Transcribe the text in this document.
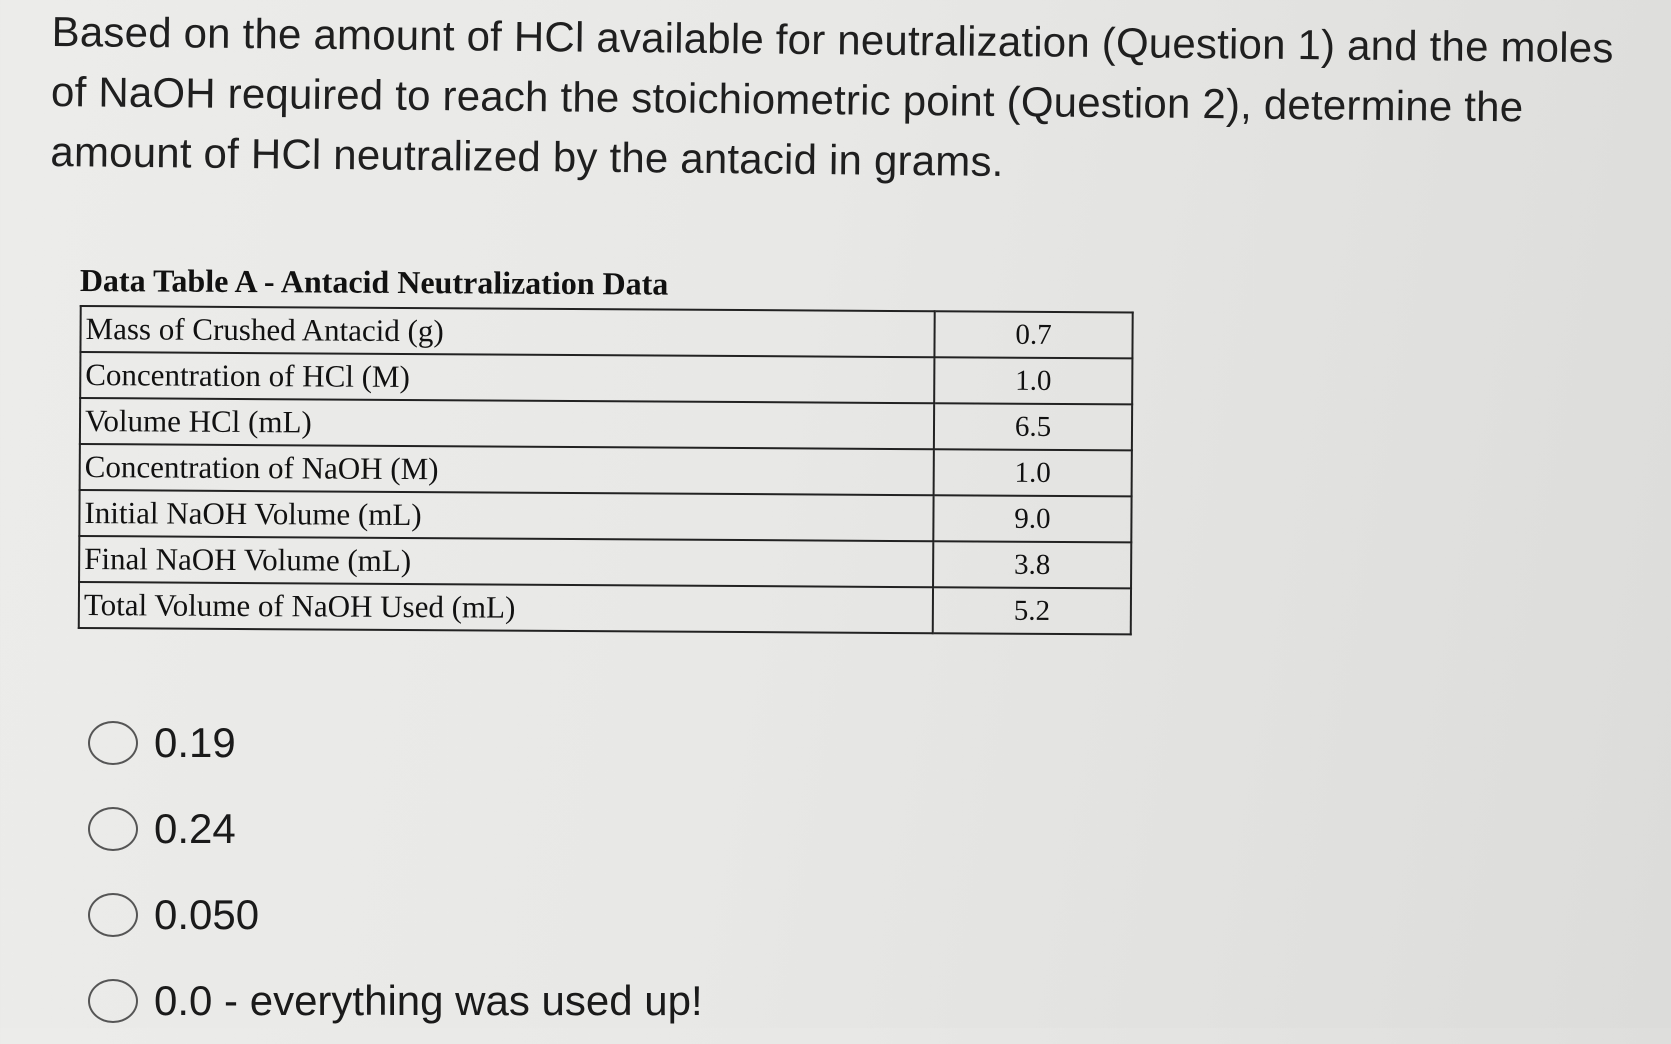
Based on the amount of HCl available for neutralization (Question 1) and the moles of NaOH required to reach the stoichiometric point (Question 2), determine the amount of HCl neutralized by the antacid in grams.

Data Table A - Antacid Neutralization Data
Mass of Crushed Antacid (g)	0.7
Concentration of HCl (M)	1.0
Volume HCl (mL)	6.5
Concentration of NaOH (M)	1.0
Initial NaOH Volume (mL)	9.0
Final NaOH Volume (mL)	3.8
Total Volume of NaOH Used (mL)	5.2
0.19
0.24
0.050
0.0 - everything was used up!
